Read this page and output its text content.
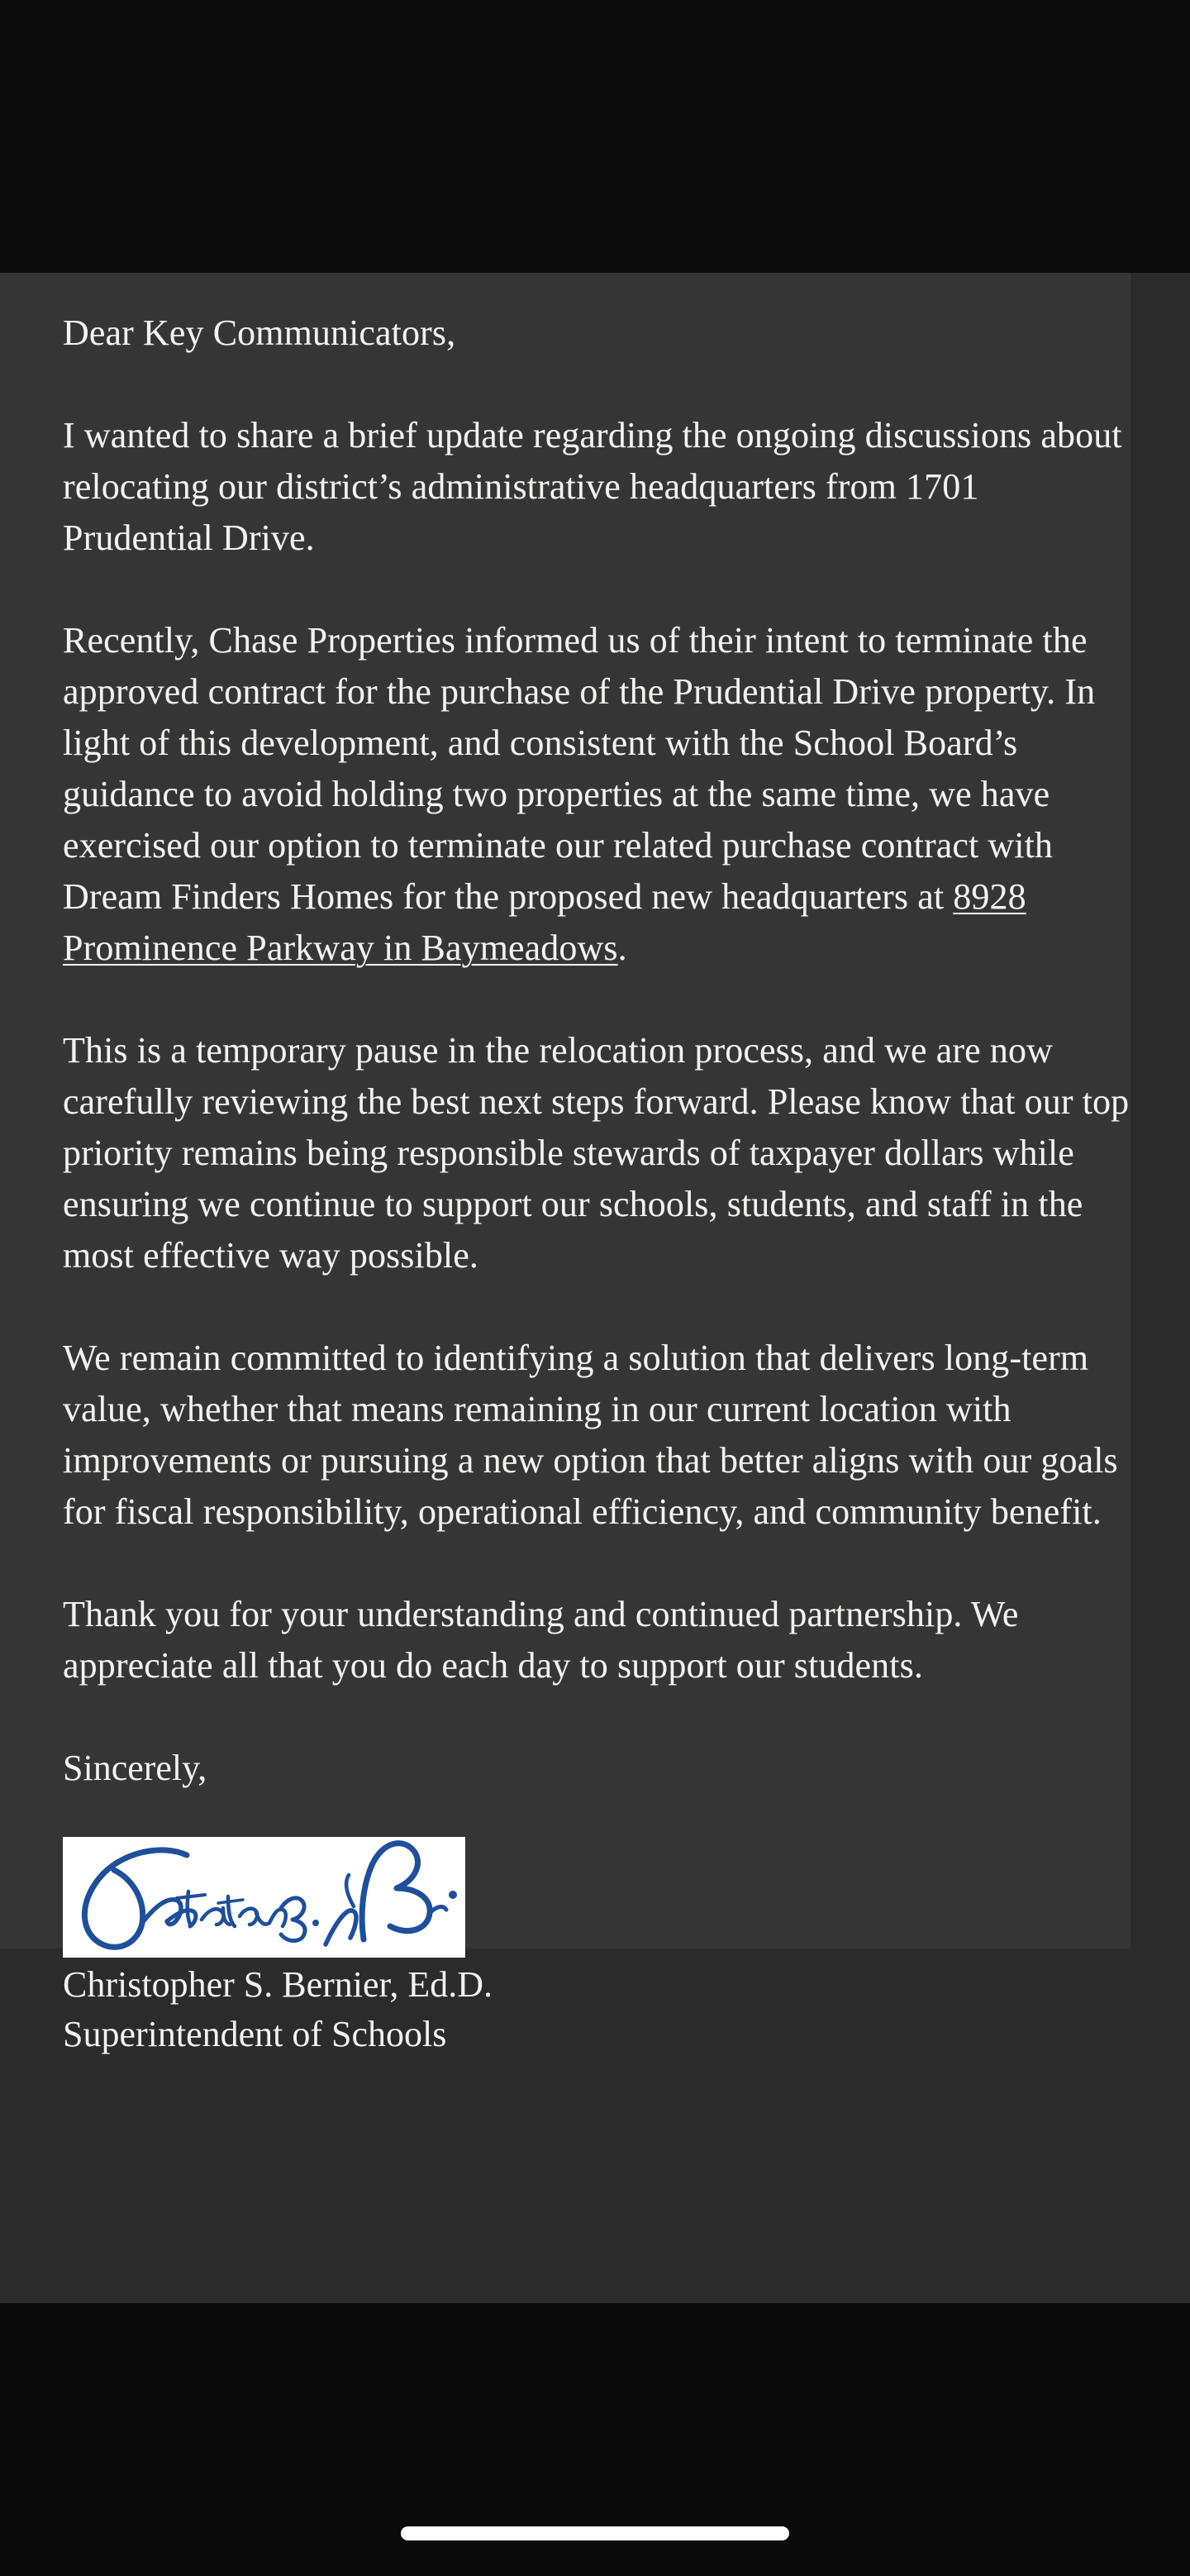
Dear Key Communicators,

I wanted to share a brief update regarding the ongoing discussions about relocating our district’s administrative headquarters from 1701 Prudential Drive.

Recently, Chase Properties informed us of their intent to terminate the approved contract for the purchase of the Prudential Drive property. In light of this development, and consistent with the School Board’s guidance to avoid holding two properties at the same time, we have exercised our option to terminate our related purchase contract with Dream Finders Homes for the proposed new headquarters at 8928 Prominence Parkway in Baymeadows.

This is a temporary pause in the relocation process, and we are now carefully reviewing the best next steps forward. Please know that our top priority remains being responsible stewards of taxpayer dollars while ensuring we continue to support our schools, students, and staff in the most effective way possible.

We remain committed to identifying a solution that delivers long-term value, whether that means remaining in our current location with improvements or pursuing a new option that better aligns with our goals for fiscal responsibility, operational efficiency, and community benefit.

Thank you for your understanding and continued partnership. We appreciate all that you do each day to support our students.

Sincerely,

Christopher S. Bernier, Ed.D.
Superintendent of Schools
